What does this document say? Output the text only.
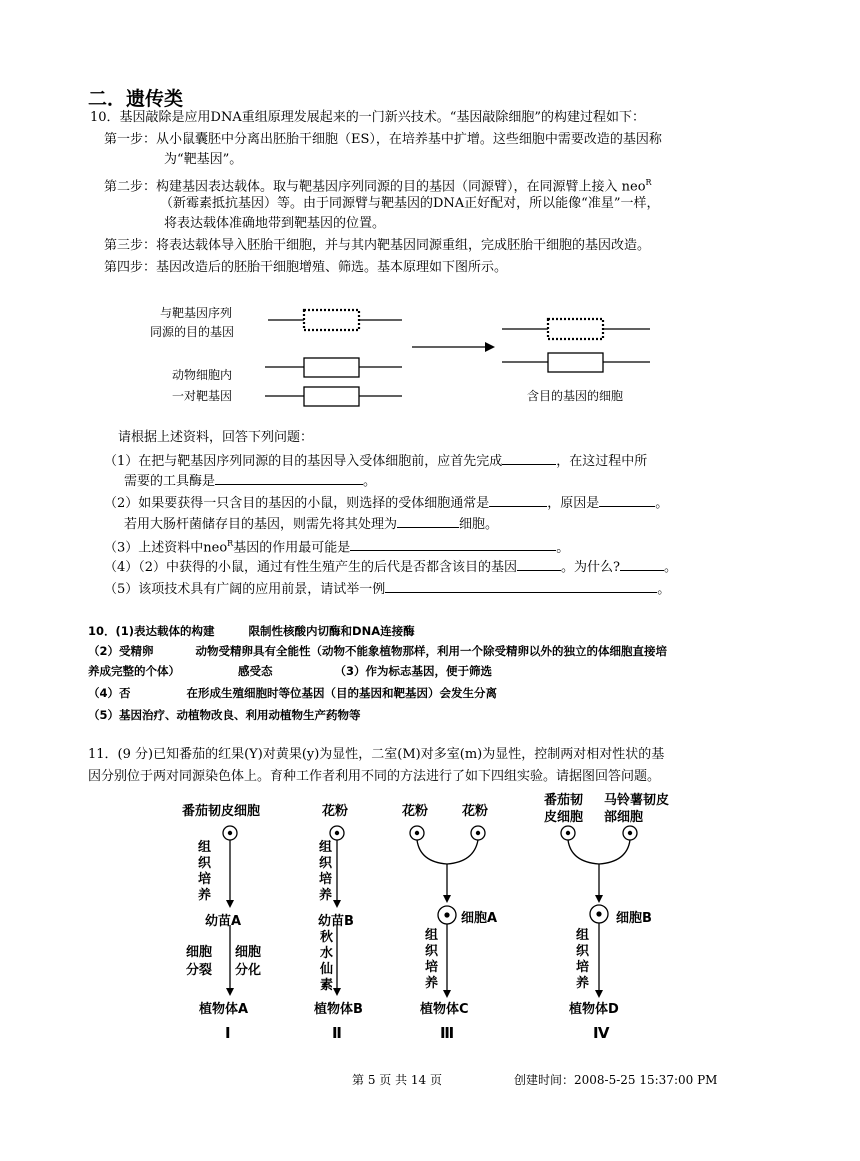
二．遗传类
10．基因敲除是应用DNA重组原理发展起来的一门新兴技术。“基因敲除细胞”的构建过程如下：
第一步：从小鼠囊胚中分离出胚胎干细胞（ES），在培养基中扩增。这些细胞中需要改造的基因称
为“靶基因”。
第二步：构建基因表达载体。取与靶基因序列同源的目的基因（同源臂），在同源臂上接入 neo$^R$
（新霉素抵抗基因）等。由于同源臂与靶基因的DNA正好配对，所以能像“准星”一样，
将表达载体准确地带到靶基因的位置。
第三步：将表达载体导入胚胎干细胞，并与其内靶基因同源重组，完成胚胎干细胞的基因改造。
第四步：基因改造后的胚胎干细胞增殖、筛选。基本原理如下图所示。
与靶基因序列
同源的目的基因
动物细胞内
一对靶基因	含目的基因的细胞
请根据上述资料，回答下列问题：
（1）在把与靶基因序列同源的目的基因导入受体细胞前，应首先完成	，在这过程中所
需要的工具酶是	。
（2）如果要获得一只含目的基因的小鼠，则选择的受体细胞通常是	，原因是	。
若用大肠杆菌储存目的基因，则需先将其处理为	细胞。
（3）上述资料中neo$^R$基因的作用最可能是	。
（4）（2）中获得的小鼠，通过有性生殖产生的后代是否都含该目的基因	。为什么?	。
（5）该项技术具有广阔的应用前景，请试举一例	。
10．(1)表达载体的构建	限制性核酸内切酶和DNA连接酶
（2）受精卵	动物受精卵具有全能性（动物不能象植物那样，利用一个除受精卵以外的独立的体细胞直接培
养成完整的个体）	感受态	（3）作为标志基因，便于筛选
（4）否	在形成生殖细胞时等位基因（目的基因和靶基因）会发生分离
（5）基因治疗、动植物改良、利用动植物生产药物等
11．(9 分)已知番茄的红果(Y)对黄果(y)为显性，二室(M)对多室(m)为显性，控制两对相对性状的基
因分别位于两对同源染色体上。育种工作者利用不同的方法进行了如下四组实验。请据图回答问题。
番茄韧皮细胞
组织培养
幼苗A
细胞分裂
细胞分化
植物体A
Ⅰ
花粉
组织培养
幼苗B
秋水仙素
植物体B
Ⅱ
花粉	花粉
细胞A
组织培养
植物体C
Ⅲ
番茄韧皮细胞
马铃薯韧皮部细胞
细胞B
组织培养
植物体D
Ⅳ
第 5 页 共 14 页	创建时间：2008-5-25 15:37:00 PM
